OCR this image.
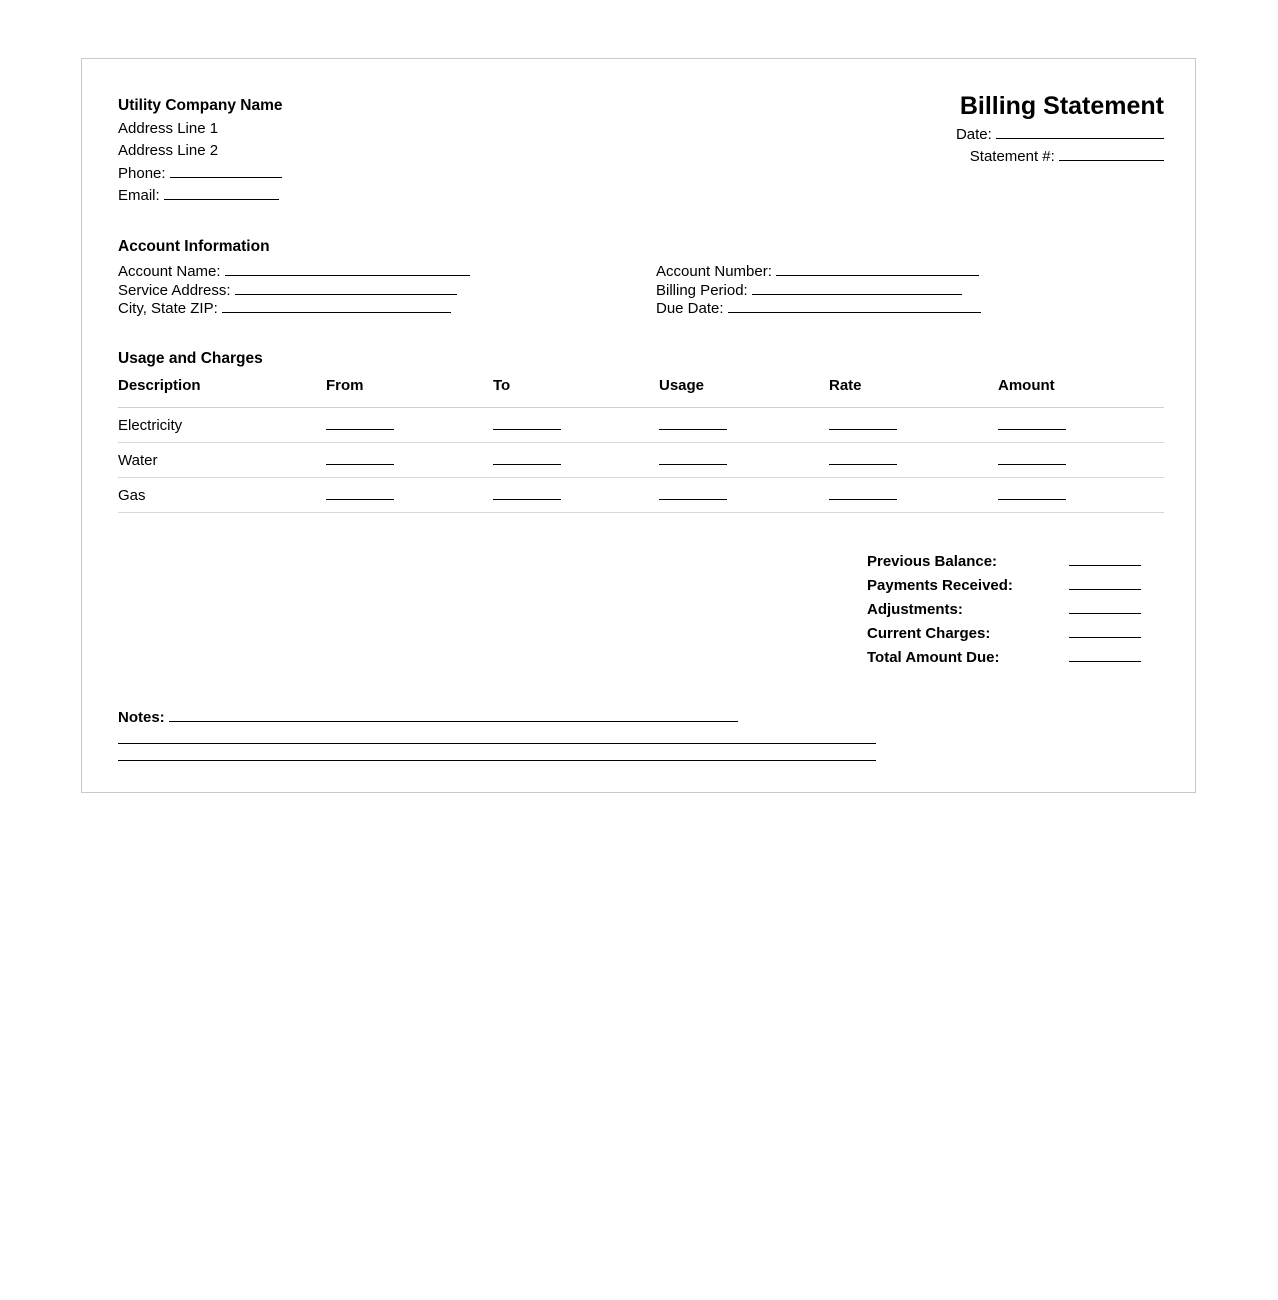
Utility Company Name
Address Line 1
Address Line 2
Phone:
Email:
Billing Statement
Date:
Statement #:
Account Information
Account Name:
Service Address:
City, State ZIP:
Account Number:
Billing Period:
Due Date:
Usage and Charges
Description	From	To	Usage	Rate	Amount
Electricity
Water
Gas
Previous Balance:
Payments Received:
Adjustments:
Current Charges:
Total Amount Due:
Notes:
